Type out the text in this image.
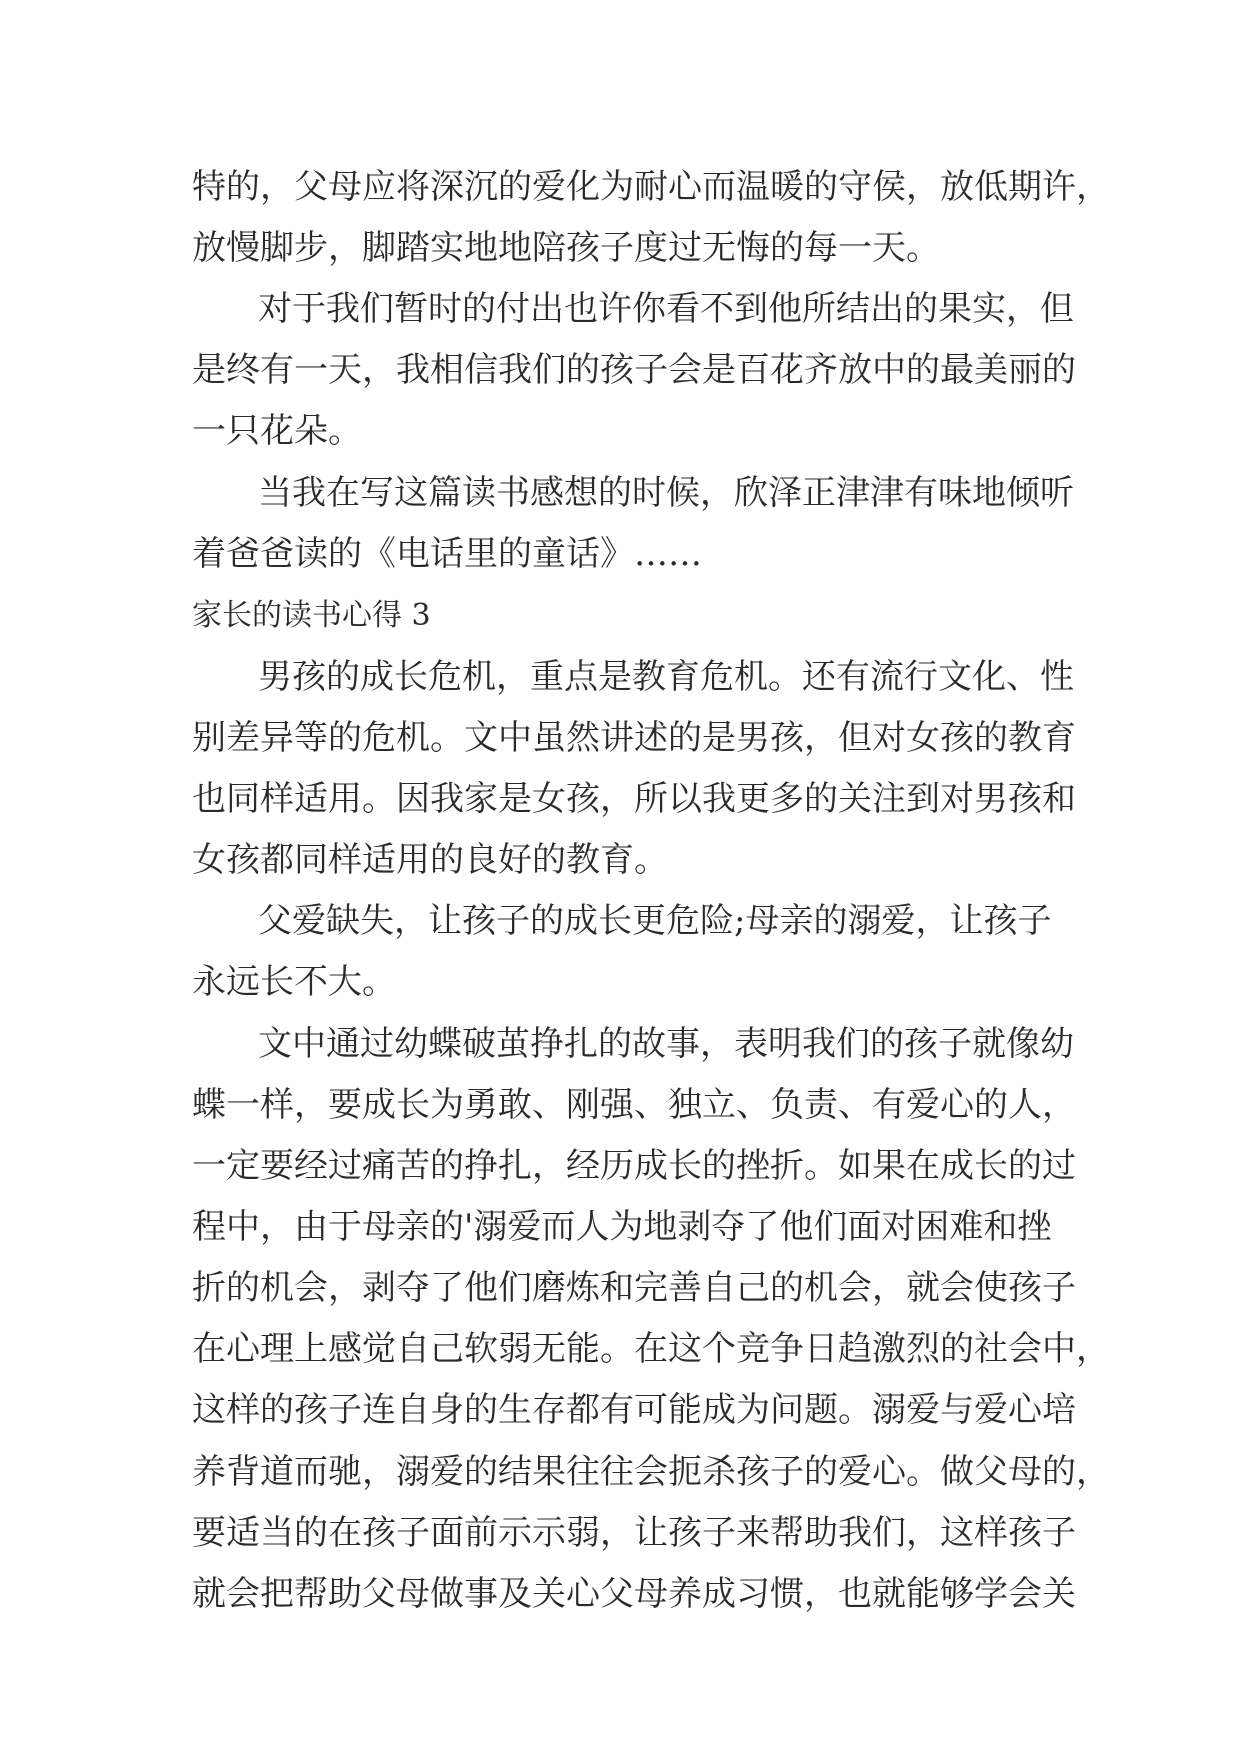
特的，父母应将深沉的爱化为耐心而温暖的守侯，放低期许，
放慢脚步，脚踏实地地陪孩子度过无悔的每一天。
对于我们暂时的付出也许你看不到他所结出的果实，但
是终有一天，我相信我们的孩子会是百花齐放中的最美丽的
一只花朵。
当我在写这篇读书感想的时候，欣泽正津津有味地倾听
着爸爸读的《电话里的童话》……
家长的读书心得 3
男孩的成长危机，重点是教育危机。还有流行文化、性
别差异等的危机。文中虽然讲述的是男孩，但对女孩的教育
也同样适用。因我家是女孩，所以我更多的关注到对男孩和
女孩都同样适用的良好的教育。
父爱缺失，让孩子的成长更危险;母亲的溺爱，让孩子
永远长不大。
文中通过幼蝶破茧挣扎的故事，表明我们的孩子就像幼
蝶一样，要成长为勇敢、刚强、独立、负责、有爱心的人，
一定要经过痛苦的挣扎，经历成长的挫折。如果在成长的过
程中，由于母亲的'溺爱而人为地剥夺了他们面对困难和挫
折的机会，剥夺了他们磨炼和完善自己的机会，就会使孩子
在心理上感觉自己软弱无能。在这个竞争日趋激烈的社会中，
这样的孩子连自身的生存都有可能成为问题。溺爱与爱心培
养背道而驰，溺爱的结果往往会扼杀孩子的爱心。做父母的，
要适当的在孩子面前示示弱，让孩子来帮助我们，这样孩子
就会把帮助父母做事及关心父母养成习惯，也就能够学会关
